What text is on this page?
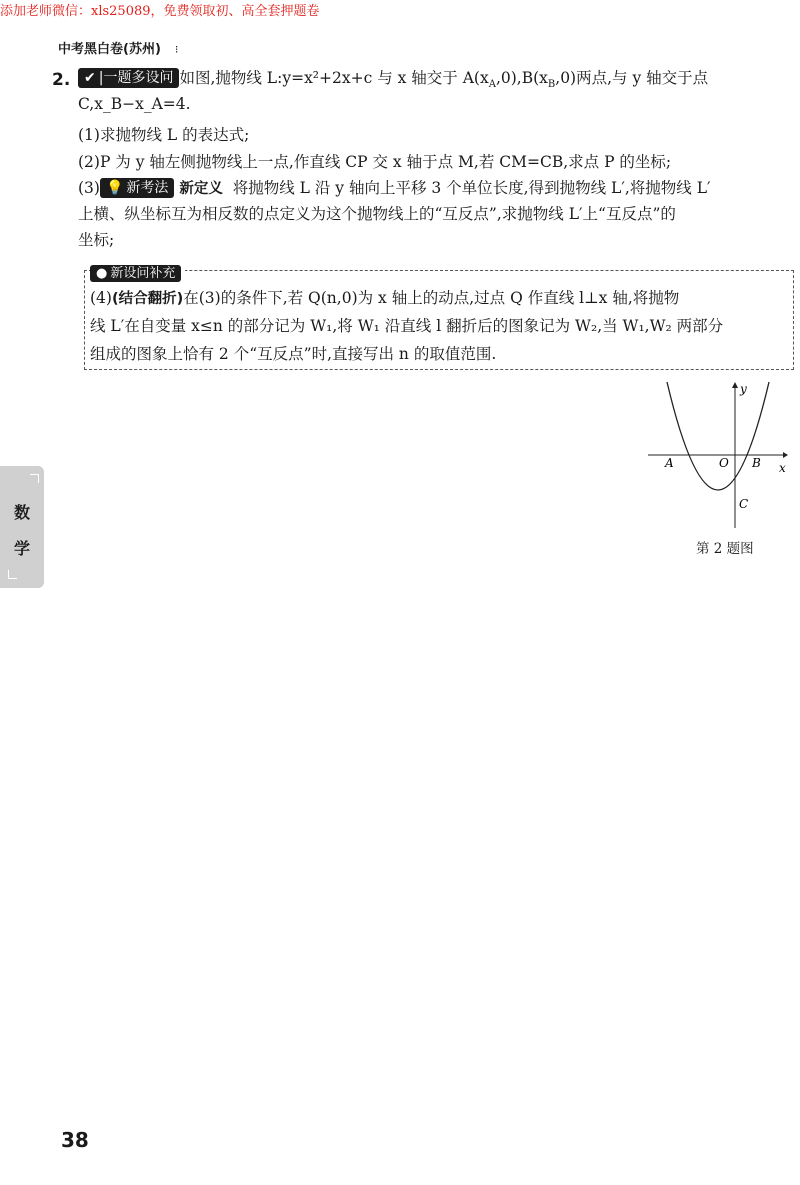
添加老师微信：xls25089，免费领取初、高全套押题卷
中考黑白卷(苏州) ⁝
2. ✔ |一题多设问 如图,抛物线 L:y=x²+2x+c 与 x 轴交于 $A(x_A,0),B(x_B,0)$两点,与 y 轴交于点
C,x_B−x_A=4.
(1)求抛物线 L 的表达式;
(2)P 为 y 轴左侧抛物线上一点,作直线 CP 交 x 轴于点 M,若 CM=CB,求点 P 的坐标;
(3) 💡 新考法 新定义 将抛物线 L 沿 y 轴向上平移 3 个单位长度,得到抛物线 L′,将抛物线 L′
上横、纵坐标互为相反数的点定义为这个抛物线上的“互反点”,求抛物线 L′上“互反点”的
坐标;
● 新设问补充
(4)(结合翻折)在(3)的条件下,若 Q(n,0)为 x 轴上的动点,过点 Q 作直线 l⊥x 轴,将抛物
线 L′在自变量 x≤n 的部分记为 W₁,将 W₁ 沿直线 l 翻折后的图象记为 W₂,当 W₁,W₂ 两部分
组成的图象上恰有 2 个“互反点”时,直接写出 n 的取值范围.
y
x
A	O B
C
第 2 题图
数
学
38
